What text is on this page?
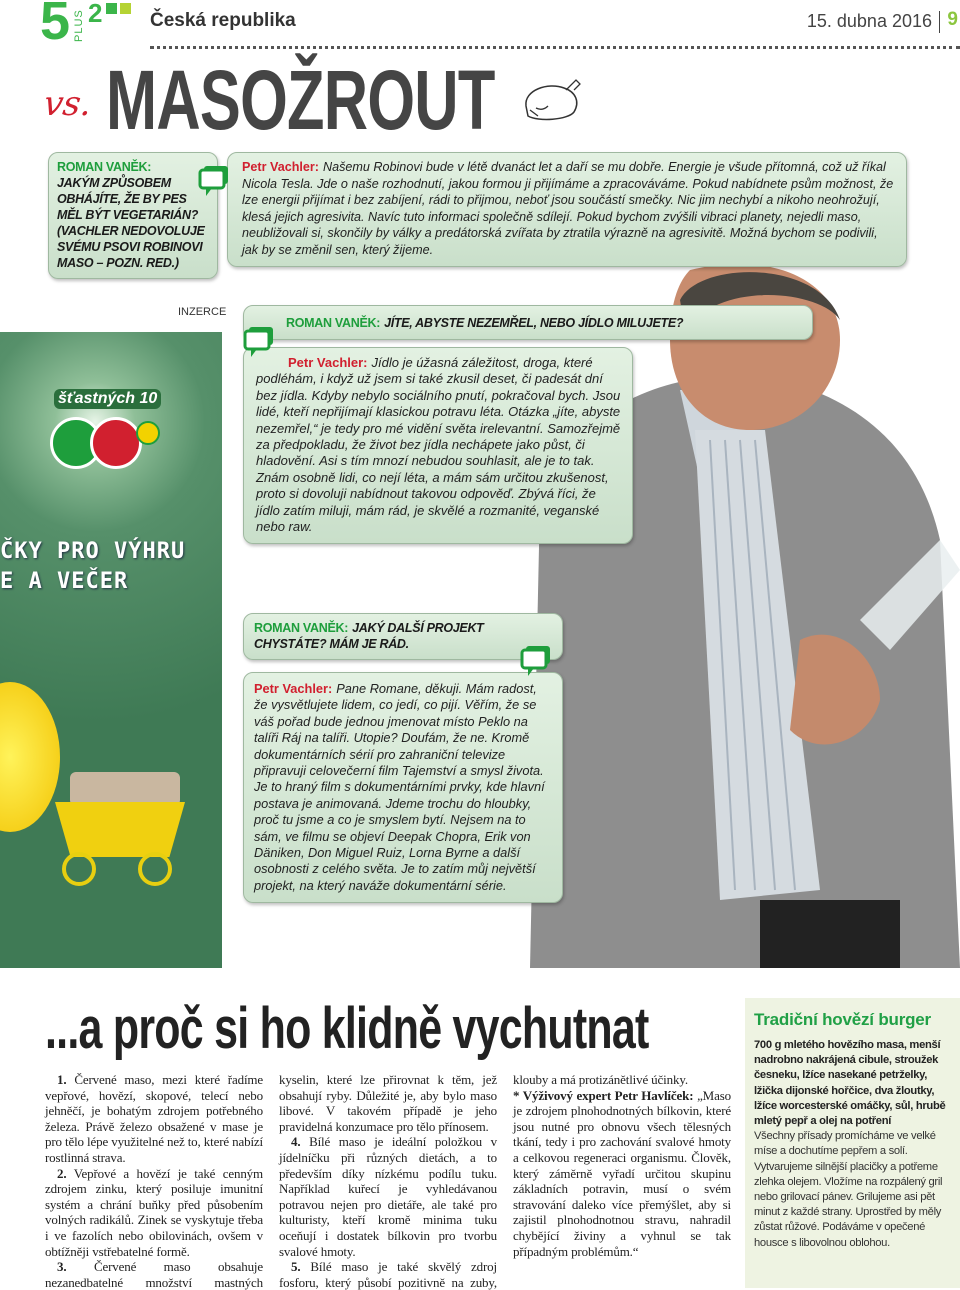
5 PLUS 2	Česká republika	15. dubna 2016 9
vs. MASOŽROUT
ROMAN VANĚK:
JAKÝM ZPŮSOBEM OBHÁJÍTE, ŽE BY PES MĚL BÝT VEGETARIÁN? (VACHLER NEDOVOLUJE SVÉMU PSOVI ROBINOVI MASO – POZN. RED.)
Petr Vachler: Našemu Robinovi bude v létě dvanáct let a daří se mu dobře. Energie je všude přítomná, což už říkal Nicola Tesla. Jde o naše rozhodnutí, jakou formou ji přijímáme a zpracováváme. Pokud nabídnete psům možnost, že lze energii přijímat i bez zabíjení, rádi to přijmou, neboť jsou součástí smečky. Nic jim nechybí a nikoho neohrožují, klesá jejich agresivita. Navíc tuto informaci společně sdílejí. Pokud bychom zvýšili vibraci planety, nejedli maso, neubližovali si, skončily by války a predátorská zvířata by ztratila výrazně na agresivitě. Možná bychom se podivili, jak by se změnil sen, který žijeme.
INZERCE
šťastných 10
ČKY PRO VÝHRU
E A VEČER
ROMAN VANĚK: JÍTE, ABYSTE NEZEMŘEL, NEBO JÍDLO MILUJETE?
Petr Vachler: Jídlo je úžasná záležitost, droga, které podléhám, i když už jsem si také zkusil deset, či padesát dní bez jídla. Kdyby nebylo sociálního pnutí, pokračoval bych. Jsou lidé, kteří nepřijímají klasickou potravu léta. Otázka „jíte, abyste nezemřel,“ je tedy pro mé vidění světa irelevantní. Samozřejmě za předpokladu, že život bez jídla nechápete jako půst, či hladovění. Asi s tím mnozí nebudou souhlasit, ale je to tak. Znám osobně lidi, co nejí léta, a mám sám určitou zkušenost, proto si dovoluji nabídnout takovou odpověď. Zbývá říci, že jídlo zatím miluji, mám rád, je skvělé a rozmanité, veganské nebo raw.
ROMAN VANĚK: JAKÝ DALŠÍ PROJEKT CHYSTÁTE? MÁM JE RÁD.
Petr Vachler: Pane Romane, děkuji. Mám radost, že vysvětlujete lidem, co jedí, co pijí. Věřím, že se váš pořad bude jednou jmenovat místo Peklo na talíři Ráj na talíři. Utopie? Doufám, že ne. Kromě dokumentárních sérií pro zahraniční televize připravuji celovečerní film Tajemství a smysl života. Je to hraný film s dokumentárními prvky, kde hlavní postava je animovaná. Jdeme trochu do hloubky, proč tu jsme a co je smyslem bytí. Nejsem na to sám, ve filmu se objeví Deepak Chopra, Erik von Däniken, Don Miguel Ruiz, Lorna Byrne a další osobnosti z celého světa. Je to zatím můj největší projekt, na který naváže dokumentární série.
...a proč si ho klidně vychutnat

1. Červené maso, mezi které řadíme vepřové, hovězí, skopové, telecí nebo jehněčí, je bohatým zdrojem potřebného železa. Právě železo obsažené v mase je pro tělo lépe využitelné než to, které nabízí rostlinná strava.

2. Vepřové a hovězí je také cenným zdrojem zinku, který posiluje imunitní systém a chrání buňky před působením volných radikálů. Zinek se vyskytuje třeba i ve fazolích nebo obilovinách, ovšem v obtížněji vstřebatelné formě.

3. Červené maso obsahuje nezanedbatelné množství mastných kyselin, které lze přirovnat k těm, jež obsahují ryby. Důležité je, aby bylo maso libové. V takovém případě je jeho pravidelná konzumace pro tělo přínosem.

4. Bílé maso je ideální položkou v jídelníčku při různých dietách, a to především díky nízkému podílu tuku. Například kuřecí je vyhledávanou potravou nejen pro dietáře, ale také pro kulturisty, kteří kromě minima tuku oceňují i dostatek bílkovin pro tvorbu svalové hmoty.

5. Bílé maso je také skvělý zdroj fosforu, který působí pozitivně na zuby, klouby a má protizánětlivé účinky.

* Výživový expert Petr Havlíček: „Maso je zdrojem plnohodnotných bílkovin, které jsou nutné pro obnovu všech tělesných tkání, tedy i pro zachování svalové hmoty a celkovou regeneraci organismu. Člověk, který záměrně vyřadí určitou skupinu základních potravin, musí o svém stravování daleko více přemýšlet, aby si zajistil plnohodnotnou stravu, nahradil chybějící živiny a vyhnul se tak případným problémům.“

Tradiční hovězí burger
700 g mletého hovězího masa, menší nadrobno nakrájená cibule, stroužek česneku, lžíce nasekané petrželky, lžička dijonské hořčice, dva žloutky, lžíce worcesterské omáčky, sůl, hrubě mletý pepř a olej na potření
Všechny přísady promícháme ve velké míse a dochutíme pepřem a solí. Vytvarujeme silnější placičky a potřeme zlehka olejem. Vložíme na rozpálený gril nebo grilovací pánev. Grilujeme asi pět minut z každé strany. Uprostřed by měly zůstat růžové. Podáváme v opečené housce s libovolnou oblohou.
